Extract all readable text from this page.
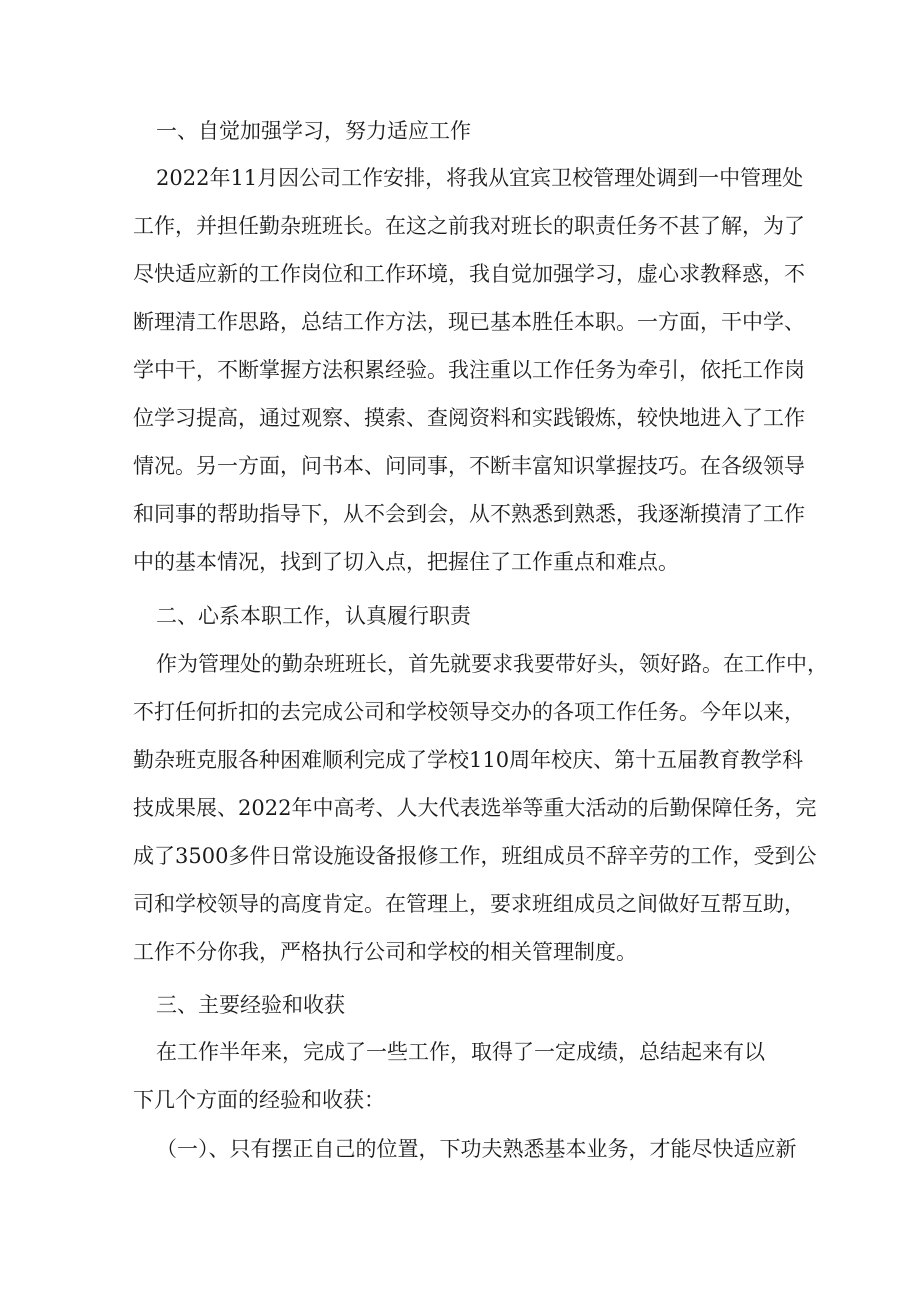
一、自觉加强学习，努力适应工作
2022年11月因公司工作安排，将我从宜宾卫校管理处调到一中管理处
工作，并担任勤杂班班长。在这之前我对班长的职责任务不甚了解，为了
尽快适应新的工作岗位和工作环境，我自觉加强学习，虚心求教释惑，不
断理清工作思路，总结工作方法，现已基本胜任本职。一方面，干中学、
学中干，不断掌握方法积累经验。我注重以工作任务为牵引，依托工作岗
位学习提高，通过观察、摸索、查阅资料和实践锻炼，较快地进入了工作
情况。另一方面，问书本、问同事，不断丰富知识掌握技巧。在各级领导
和同事的帮助指导下，从不会到会，从不熟悉到熟悉，我逐渐摸清了工作
中的基本情况，找到了切入点，把握住了工作重点和难点。
二、心系本职工作，认真履行职责
作为管理处的勤杂班班长，首先就要求我要带好头，领好路。在工作中，
不打任何折扣的去完成公司和学校领导交办的各项工作任务。今年以来，
勤杂班克服各种困难顺利完成了学校110周年校庆、第十五届教育教学科
技成果展、2022年中高考、人大代表选举等重大活动的后勤保障任务，完
成了3500多件日常设施设备报修工作，班组成员不辞辛劳的工作，受到公
司和学校领导的高度肯定。在管理上，要求班组成员之间做好互帮互助，
工作不分你我，严格执行公司和学校的相关管理制度。
三、主要经验和收获
在工作半年来，完成了一些工作，取得了一定成绩，总结起来有以
下几个方面的经验和收获：
（一）、只有摆正自己的位置，下功夫熟悉基本业务，才能尽快适应新
